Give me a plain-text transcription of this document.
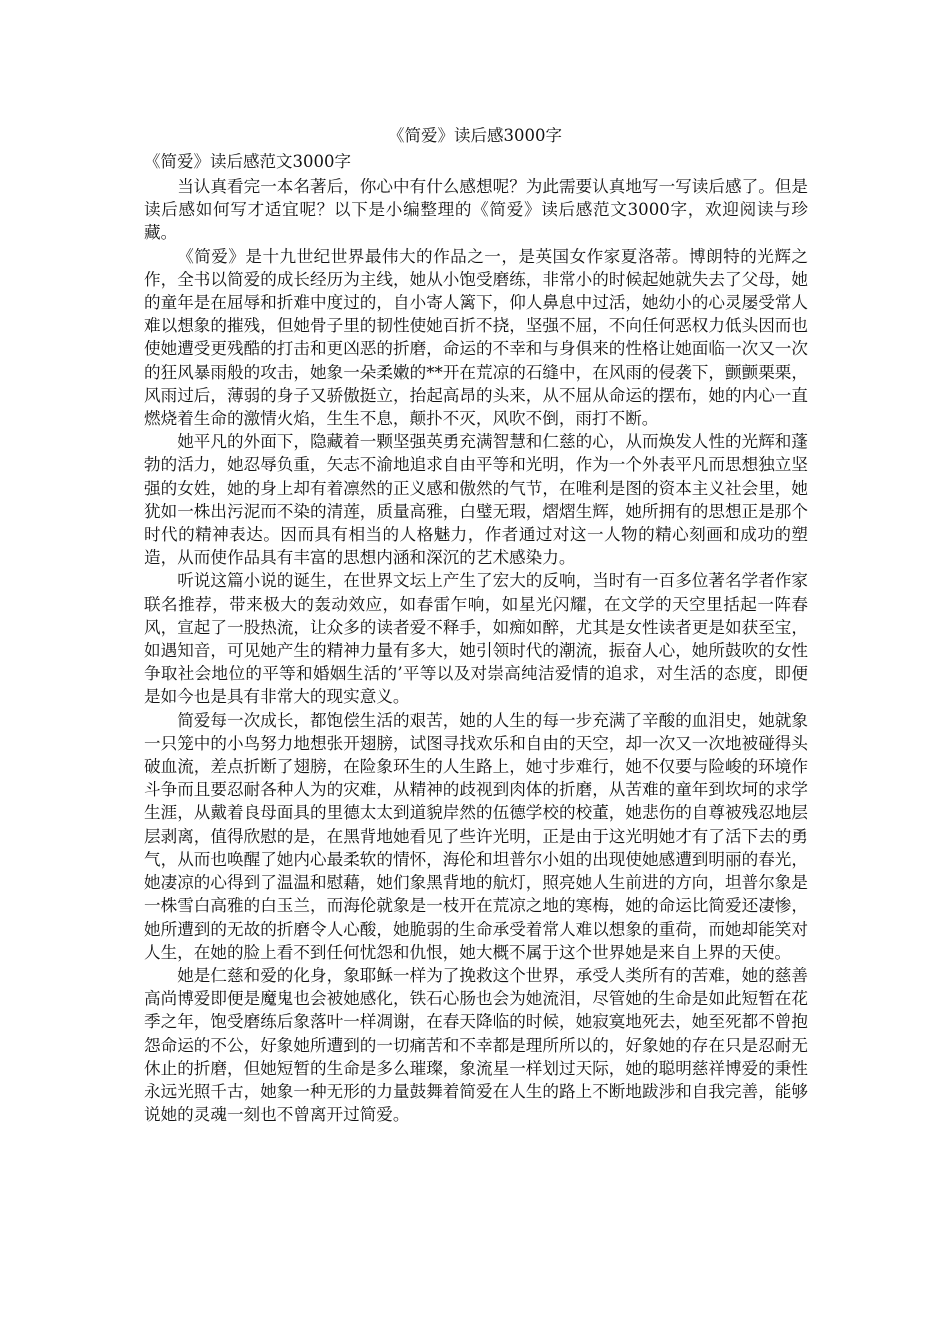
《简爱》读后感3000字
《简爱》读后感范文3000字

当认真看完一本名著后，你心中有什么感想呢？为此需要认真地写一写读后感了。但是读后感如何写才适宜呢？以下是小编整理的《简爱》读后感范文3000字，欢迎阅读与珍藏。

《简爱》是十九世纪世界最伟大的作品之一，是英国女作家夏洛蒂。博朗特的光辉之作，全书以简爱的成长经历为主线，她从小饱受磨练，非常小的时候起她就失去了父母，她的童年是在屈辱和折难中度过的，自小寄人篱下，仰人鼻息中过活，她幼小的心灵屡受常人难以想象的摧残，但她骨子里的韧性使她百折不挠，坚强不屈，不向任何恶权力低头因而也使她遭受更残酷的打击和更凶恶的折磨，命运的不幸和与身俱来的性格让她面临一次又一次的狂风暴雨般的攻击，她象一朵柔嫩的**开在荒凉的石缝中，在风雨的侵袭下，颤颤栗栗，风雨过后，薄弱的身子又骄傲挺立，抬起高昂的头来，从不屈从命运的摆布，她的内心一直燃烧着生命的激情火焰，生生不息，颠扑不灭，风吹不倒，雨打不断。

她平凡的外面下，隐藏着一颗坚强英勇充满智慧和仁慈的心，从而焕发人性的光辉和蓬勃的活力，她忍辱负重，矢志不渝地追求自由平等和光明，作为一个外表平凡而思想独立坚强的女姓，她的身上却有着凛然的正义感和傲然的气节，在唯利是图的资本主义社会里，她犹如一株出污泥而不染的清莲，质量高雅，白璧无瑕，熠熠生辉，她所拥有的思想正是那个时代的精神表达。因而具有相当的人格魅力，作者通过对这一人物的精心刻画和成功的塑造，从而使作品具有丰富的思想内涵和深沉的艺术感染力。

听说这篇小说的诞生，在世界文坛上产生了宏大的反响，当时有一百多位著名学者作家联名推荐，带来极大的轰动效应，如春雷乍响，如星光闪耀，在文学的天空里括起一阵春风，宣起了一股热流，让众多的读者爱不释手，如痴如醉，尤其是女性读者更是如获至宝，如遇知音，可见她产生的精神力量有多大，她引领时代的潮流，振奋人心，她所鼓吹的女性争取社会地位的平等和婚姻生活的’平等以及对崇高纯洁爱情的追求，对生活的态度，即便是如今也是具有非常大的现实意义。

简爱每一次成长，都饱偿生活的艰苦，她的人生的每一步充满了辛酸的血泪史，她就象一只笼中的小鸟努力地想张开翅膀，试图寻找欢乐和自由的天空，却一次又一次地被碰得头破血流，差点折断了翅膀，在险象环生的人生路上，她寸步难行，她不仅要与险峻的环境作斗争而且要忍耐各种人为的灾难，从精神的歧视到肉体的折磨，从苦难的童年到坎坷的求学生涯，从戴着良母面具的里德太太到道貌岸然的伍德学校的校董，她悲伤的自尊被残忍地层层剥离，值得欣慰的是，在黑背地她看见了些许光明，正是由于这光明她才有了活下去的勇气，从而也唤醒了她内心最柔软的情怀，海伦和坦普尔小姐的出现使她感遭到明丽的春光，她凄凉的心得到了温温和慰藉，她们象黑背地的航灯，照亮她人生前进的方向，坦普尔象是一株雪白高雅的白玉兰，而海伦就象是一枝开在荒凉之地的寒梅，她的命运比简爱还凄惨，她所遭到的无故的折磨令人心酸，她脆弱的生命承受着常人难以想象的重荷，而她却能笑对人生，在她的脸上看不到任何忧怨和仇恨，她大概不属于这个世界她是来自上界的天使。

她是仁慈和爱的化身，象耶稣一样为了挽救这个世界，承受人类所有的苦难，她的慈善高尚博爱即便是魔鬼也会被她感化，铁石心肠也会为她流泪，尽管她的生命是如此短暂在花季之年，饱受磨练后象落叶一样凋谢，在春天降临的时候，她寂寞地死去，她至死都不曾抱怨命运的不公，好象她所遭到的一切痛苦和不幸都是理所所以的，好象她的存在只是忍耐无休止的折磨，但她短暂的生命是多么璀璨，象流星一样划过天际，她的聪明慈祥博爱的秉性永远光照千古，她象一种无形的力量鼓舞着简爱在人生的路上不断地跋涉和自我完善，能够说她的灵魂一刻也不曾离开过简爱。
